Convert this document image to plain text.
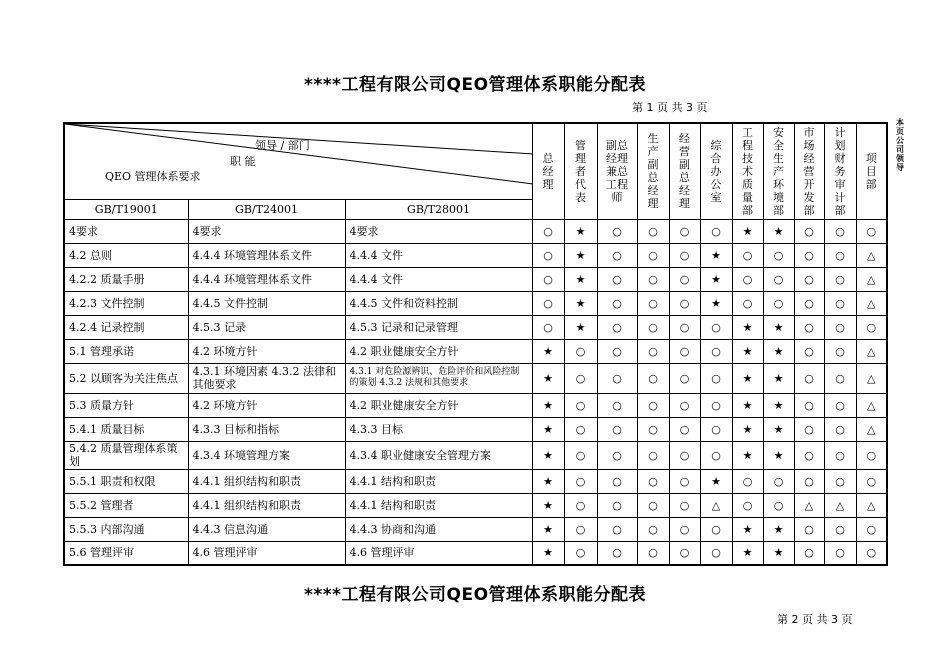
****工程有限公司QEO管理体系职能分配表
第 1 页 共 3 页
本页公司领导
领导 / 部门
职 能
QEO 管理体系要求			总经理	管理者代表	副总经理兼总工程师	生产副总经理	经营副总经理	综合办公室	工程技术质量部	安全生产环境部	市场经营开发部	计划财务审计部	项目部
GB/T19001	GB/T24001	GB/T28001											
4要求	4要求	4要求	○	★	○	○	○	○	★	★	○	○	○
4.2 总则	4.4.4 环境管理体系文件	4.4.4 文件	○	★	○	○	○	★	○	○	○	○	△
4.2.2 质量手册	4.4.4 环境管理体系文件	4.4.4 文件	○	★	○	○	○	★	○	○	○	○	△
4.2.3 文件控制	4.4.5 文件控制	4.4.5 文件和资料控制	○	★	○	○	○	★	○	○	○	○	△
4.2.4 记录控制	4.5.3 记录	4.5.3 记录和记录管理	○	★	○	○	○	○	★	★	○	○	○
5.1 管理承诺	4.2 环境方针	4.2 职业健康安全方针	★	○	○	○	○	○	★	★	○	○	△
5.2 以顾客为关注焦点	4.3.1 环境因素 4.3.2 法律和其他要求	4.3.1 对危险源辨识、危险评价和风险控制的策划 4.3.2 法规和其他要求	★	○	○	○	○	○	★	★	○	○	△
5.3 质量方针	4.2 环境方针	4.2 职业健康安全方针	★	○	○	○	○	○	★	★	○	○	△
5.4.1 质量目标	4.3.3 目标和指标	4.3.3 目标	★	○	○	○	○	○	★	★	○	○	△
5.4.2 质量管理体系策划	4.3.4 环境管理方案	4.3.4 职业健康安全管理方案	★	○	○	○	○	○	★	★	○	○	○
5.5.1 职责和权限	4.4.1 组织结构和职责	4.4.1 结构和职责	★	○	○	○	○	★	○	○	○	○	○
5.5.2 管理者	4.4.1 组织结构和职责	4.4.1 结构和职责	★	○	○	○	○	△	○	○	△	△	△
5.5.3 内部沟通	4.4.3 信息沟通	4.4.3 协商和沟通	★	○	○	○	○	○	★	★	○	○	○
5.6 管理评审	4.6 管理评审	4.6 管理评审	★	○	○	○	○	○	★	★	○	○	○
****工程有限公司QEO管理体系职能分配表
第 2 页 共 3 页
